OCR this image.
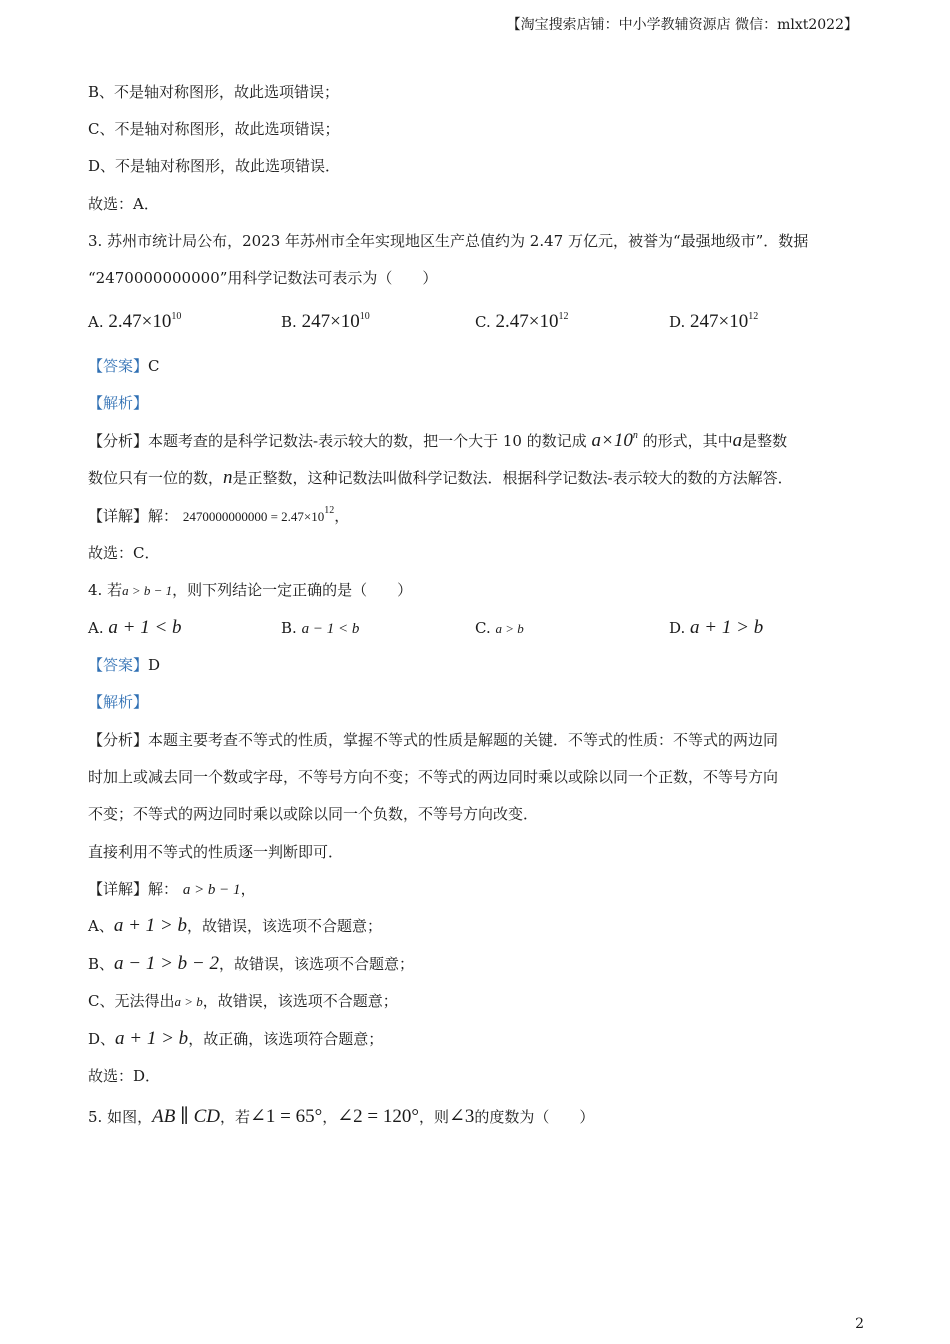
【淘宝搜索店铺：中小学教辅资源店 微信：mlxt2022】
B、不是轴对称图形，故此选项错误；
C、不是轴对称图形，故此选项错误；
D、不是轴对称图形，故此选项错误．
故选：A．
3. 苏州市统计局公布，2023 年苏州市全年实现地区生产总值约为 2.47 万亿元，被誉为“最强地级市”．数据
“2470000000000”用科学记数法可表示为（　　）
A. $2.47\times 10^{10}$	B. $247\times 10^{10}$	C. $2.47\times 10^{12}$	D. $247\times 10^{12}$
【答案】C
【解析】
【分析】本题考查的是科学记数法-表示较大的数，把一个大于 10 的数记成 $a\times 10^n$ 的形式，其中a是整数
数位只有一位的数，n是正整数，这种记数法叫做科学记数法．根据科学记数法-表示较大的数的方法解答．
【详解】解： $2470000000000 = 2.47\times 10^{12}$，
故选：C．
4. 若a > b − 1，则下列结论一定正确的是（　　）
A. a + 1 < b	B. a − 1 < b	C. a > b	D. a + 1 > b
【答案】D
【解析】
【分析】本题主要考查不等式的性质，掌握不等式的性质是解题的关键．不等式的性质：不等式的两边同
时加上或减去同一个数或字母，不等号方向不变；不等式的两边同时乘以或除以同一个正数，不等号方向
不变；不等式的两边同时乘以或除以同一个负数，不等号方向改变．
直接利用不等式的性质逐一判断即可．
【详解】解： a > b − 1，
A、a + 1 > b，故错误，该选项不合题意；
B、a − 1 > b − 2，故错误，该选项不合题意；
C、无法得出a > b，故错误，该选项不合题意；
D、a + 1 > b，故正确，该选项符合题意；
故选：D．
5. 如图，AB ∥ CD，若∠1 = 65°，∠2 = 120°，则∠3的度数为（　　）
2
